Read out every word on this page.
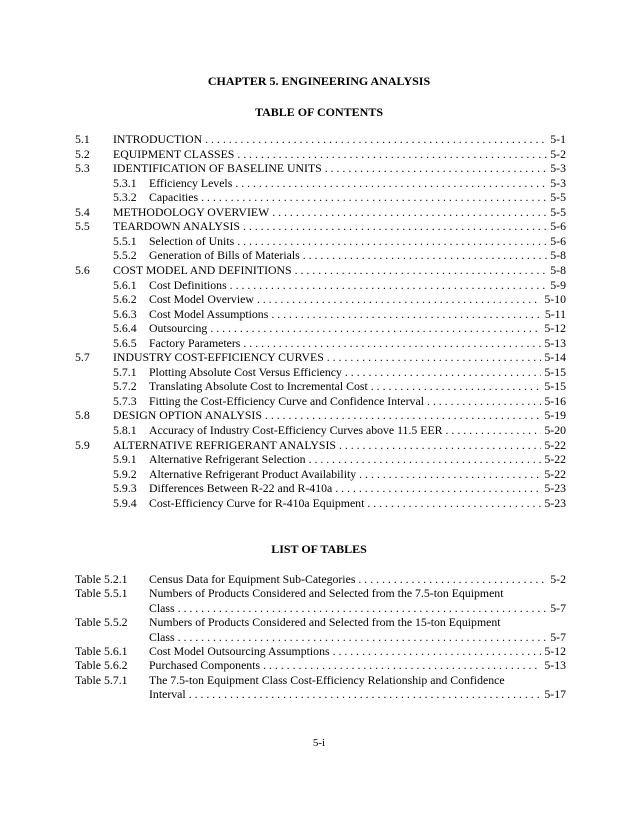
CHAPTER 5. ENGINEERING ANALYSIS
TABLE OF CONTENTS
5.1 INTRODUCTION . . .	5-1
5.2 EQUIPMENT CLASSES . . .	5-2
5.3 IDENTIFICATION OF BASELINE UNITS . . .	5-3
5.3.1 Efficiency Levels . . .	5-3
5.3.2 Capacities . . .	5-5
5.4 METHODOLOGY OVERVIEW . . .	5-5
5.5 TEARDOWN ANALYSIS . . .	5-6
5.5.1 Selection of Units . . .	5-6
5.5.2 Generation of Bills of Materials . . .	5-8
5.6 COST MODEL AND DEFINITIONS . . .	5-8
5.6.1 Cost Definitions . . .	5-9
5.6.2 Cost Model Overview . . .	5-10
5.6.3 Cost Model Assumptions . . .	5-11
5.6.4 Outsourcing . . .	5-12
5.6.5 Factory Parameters . . .	5-13
5.7 INDUSTRY COST-EFFICIENCY CURVES . . .	5-14
5.7.1 Plotting Absolute Cost Versus Efficiency . . .	5-15
5.7.2 Translating Absolute Cost to Incremental Cost . . .	5-15
5.7.3 Fitting the Cost-Efficiency Curve and Confidence Interval . . .	5-16
5.8 DESIGN OPTION ANALYSIS . . .	5-19
5.8.1 Accuracy of Industry Cost-Efficiency Curves above 11.5 EER . . .	5-20
5.9 ALTERNATIVE REFRIGERANT ANALYSIS . . .	5-22
5.9.1 Alternative Refrigerant Selection . . .	5-22
5.9.2 Alternative Refrigerant Product Availability . . .	5-22
5.9.3 Differences Between R-22 and R-410a . . .	5-23
5.9.4 Cost-Efficiency Curve for R-410a Equipment . . .	5-23
LIST OF TABLES
Table 5.2.1 Census Data for Equipment Sub-Categories . . .	5-2
Table 5.5.1 Numbers of Products Considered and Selected from the 7.5-ton Equipment
Class . . .	5-7
Table 5.5.2 Numbers of Products Considered and Selected from the 15-ton Equipment
Class . . .	5-7
Table 5.6.1 Cost Model Outsourcing Assumptions . . .	5-12
Table 5.6.2 Purchased Components . . .	5-13
Table 5.7.1 The 7.5-ton Equipment Class Cost-Efficiency Relationship and Confidence
Interval . . .	5-17
5-i
